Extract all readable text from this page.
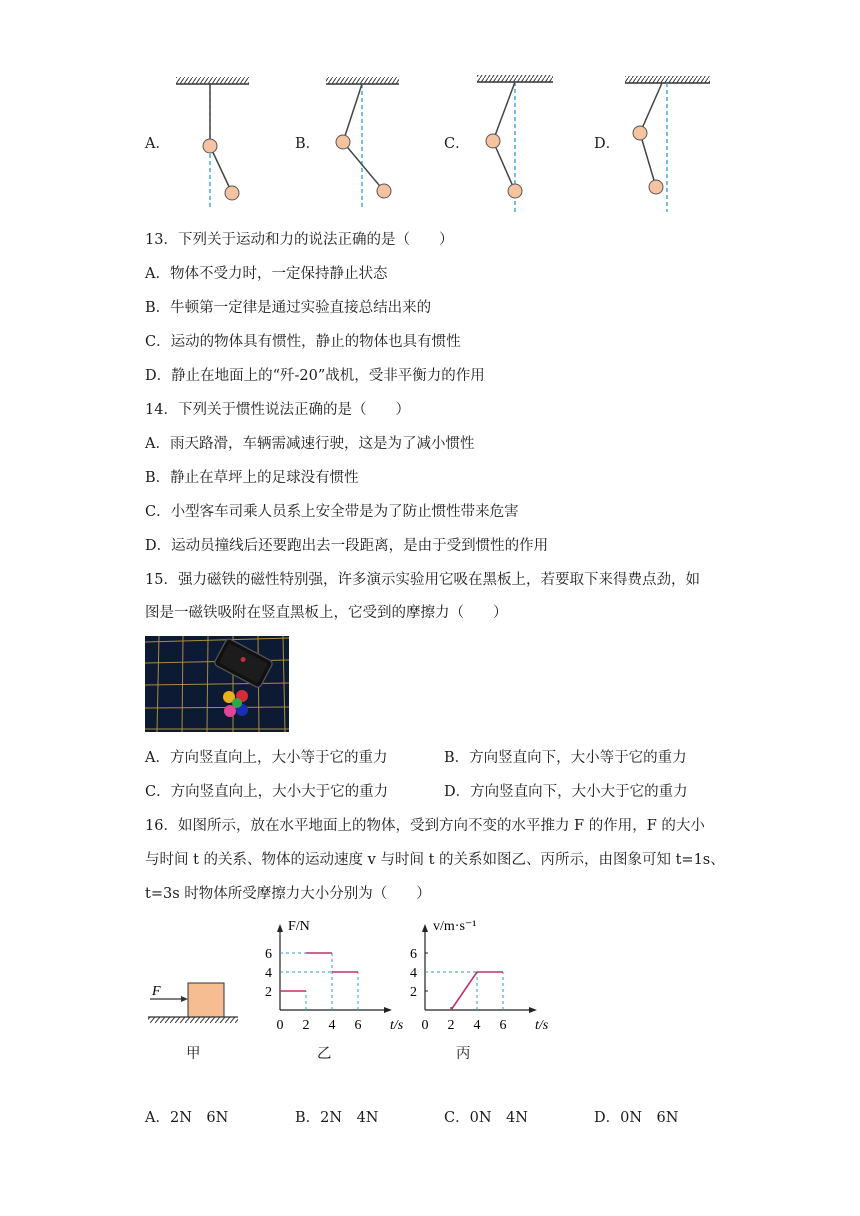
A．	B．	C．	D．
13．下列关于运动和力的说法正确的是（　　）
A．物体不受力时，一定保持静止状态
B．牛顿第一定律是通过实验直接总结出来的
C．运动的物体具有惯性，静止的物体也具有惯性
D．静止在地面上的“歼-20”战机，受非平衡力的作用
14．下列关于惯性说法正确的是（　　）
A．雨天路滑，车辆需减速行驶，这是为了减小惯性
B．静止在草坪上的足球没有惯性
C．小型客车司乘人员系上安全带是为了防止惯性带来危害
D．运动员撞线后还要跑出去一段距离，是由于受到惯性的作用
15．强力磁铁的磁性特别强，许多演示实验用它吸在黑板上，若要取下来得费点劲，如
图是一磁铁吸附在竖直黑板上，它受到的摩擦力（　　）
A．方向竖直向上，大小等于它的重力	B．方向竖直向下，大小等于它的重力
C．方向竖直向上，大小大于它的重力	D．方向竖直向下，大小大于它的重力
16．如图所示，放在水平地面上的物体，受到方向不变的水平推力 F 的作用，F 的大小
与时间 t 的关系、物体的运动速度 v 与时间 t 的关系如图乙、丙所示，由图象可知 t=1s、
t=3s 时物体所受摩擦力大小分别为（　　）
F
0 2 4 6
2
4
6
t/s
F/N
0 2 4 6
2
4
6
t/s
v/m·s⁻¹
甲	乙	丙
A．2N　6N	B．2N　4N	C．0N　4N	D．0N　6N
